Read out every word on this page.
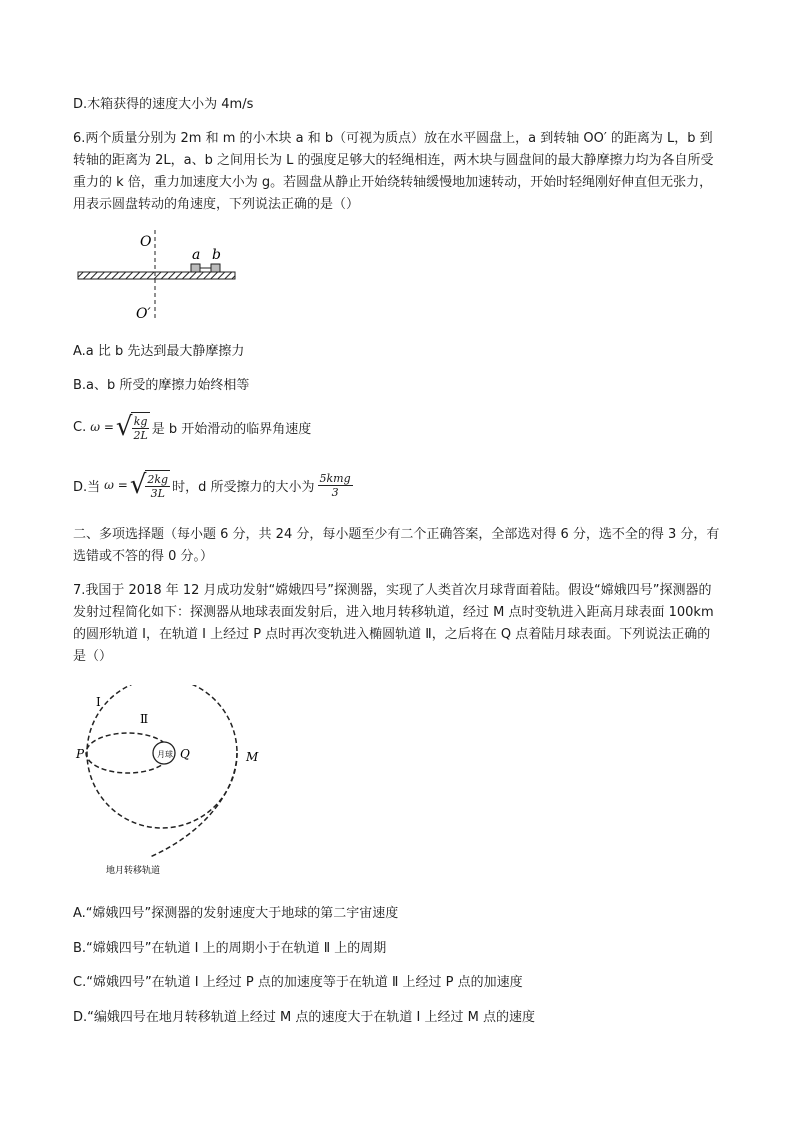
D.木箱获得的速度大小为 4m/s
6.两个质量分别为 2m 和 m 的小木块 a 和 b（可视为质点）放在水平圆盘上，a 到转轴 OO′ 的距离为 L，b 到转轴的距离为 2L，a、b 之间用长为 L 的强度足够大的轻绳相连，两木块与圆盘间的最大静摩擦力均为各自所受重力的 k 倍，重力加速度大小为 g。若圆盘从静止开始绕转轴缓慢地加速转动，开始时轻绳刚好伸直但无张力，用表示圆盘转动的角速度，下列说法正确的是（）
O
a b
O′
A.a 比 b 先达到最大静摩擦力
B.a、b 所受的摩擦力始终相等
C. ω = √ $\frac{kg}{2L}$ 是 b 开始滑动的临界角速度
D.当 ω = √ $\frac{2kg}{3L}$ 时，d 所受擦力的大小为 $\frac{\text{5kmg}}{3}$
二、多项选择题（每小题 6 分，共 24 分，每小题至少有二个正确答案，全部选对得 6 分，选不全的得 3 分，有选错或不答的得 0 分。）
7.我国于 2018 年 12 月成功发射“嫦娥四号”探测器，实现了人类首次月球背面着陆。假设“嫦娥四号”探测器的发射过程简化如下：探测器从地球表面发射后，进入地月转移轨道，经过 M 点时变轨进入距高月球表面 100km 的圆形轨道 I，在轨道 I 上经过 P 点时再次变轨进入椭圆轨道 Ⅱ，之后将在 Q 点着陆月球表面。下列说法正确的是（）
月球
I
Ⅱ
P	Q	M
地月转移轨道
A.“嫦娥四号”探测器的发射速度大于地球的第二宇宙速度
B.“嫦娥四号”在轨道 Ⅰ 上的周期小于在轨道 Ⅱ 上的周期
C.“嫦娥四号”在轨道 I 上经过 P 点的加速度等于在轨道 Ⅱ 上经过 P 点的加速度
D.“编娥四号在地月转移轨道上经过 M 点的速度大于在轨道 I 上经过 M 点的速度
